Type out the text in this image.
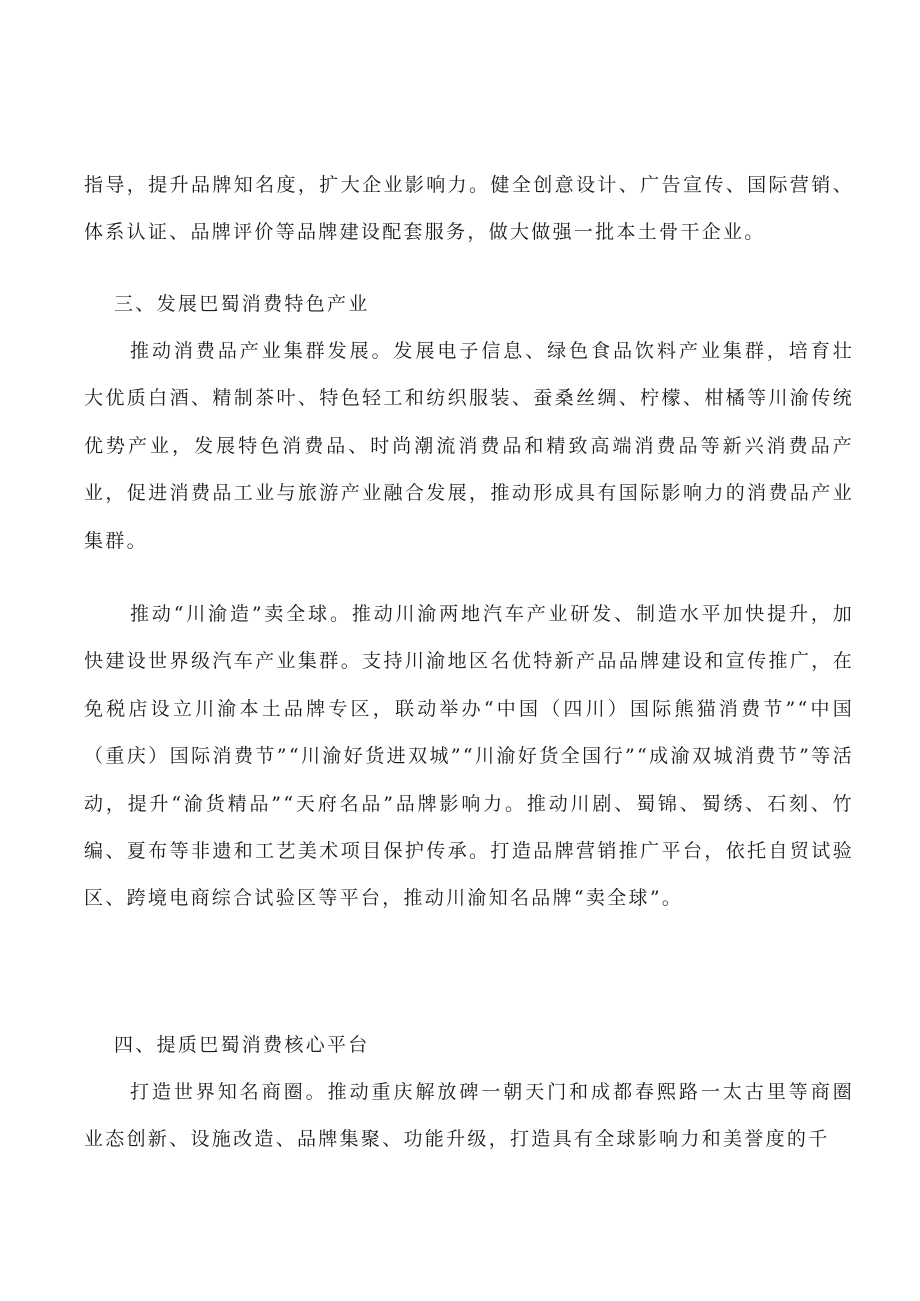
指导，提升品牌知名度，扩大企业影响力。健全创意设计、广告宣传、国际营销、体系认证、品牌评价等品牌建设配套服务，做大做强一批本土骨干企业。

三、发展巴蜀消费特色产业

推动消费品产业集群发展。发展电子信息、绿色食品饮料产业集群，培育壮大优质白酒、精制茶叶、特色轻工和纺织服装、蚕桑丝绸、柠檬、柑橘等川渝传统优势产业，发展特色消费品、时尚潮流消费品和精致高端消费品等新兴消费品产业，促进消费品工业与旅游产业融合发展，推动形成具有国际影响力的消费品产业集群。

推动“川渝造”卖全球。推动川渝两地汽车产业研发、制造水平加快提升，加快建设世界级汽车产业集群。支持川渝地区名优特新产品品牌建设和宣传推广，在免税店设立川渝本土品牌专区，联动举办“中国（四川）国际熊猫消费节”“中国（重庆）国际消费节”“川渝好货进双城”“川渝好货全国行”“成渝双城消费节”等活动，提升“渝货精品”“天府名品”品牌影响力。推动川剧、蜀锦、蜀绣、石刻、竹编、夏布等非遗和工艺美术项目保护传承。打造品牌营销推广平台，依托自贸试验区、跨境电商综合试验区等平台，推动川渝知名品牌“卖全球”。

四、提质巴蜀消费核心平台

打造世界知名商圈。推动重庆解放碑一朝天门和成都春熙路一太古里等商圈业态创新、设施改造、品牌集聚、功能升级，打造具有全球影响力和美誉度的千
